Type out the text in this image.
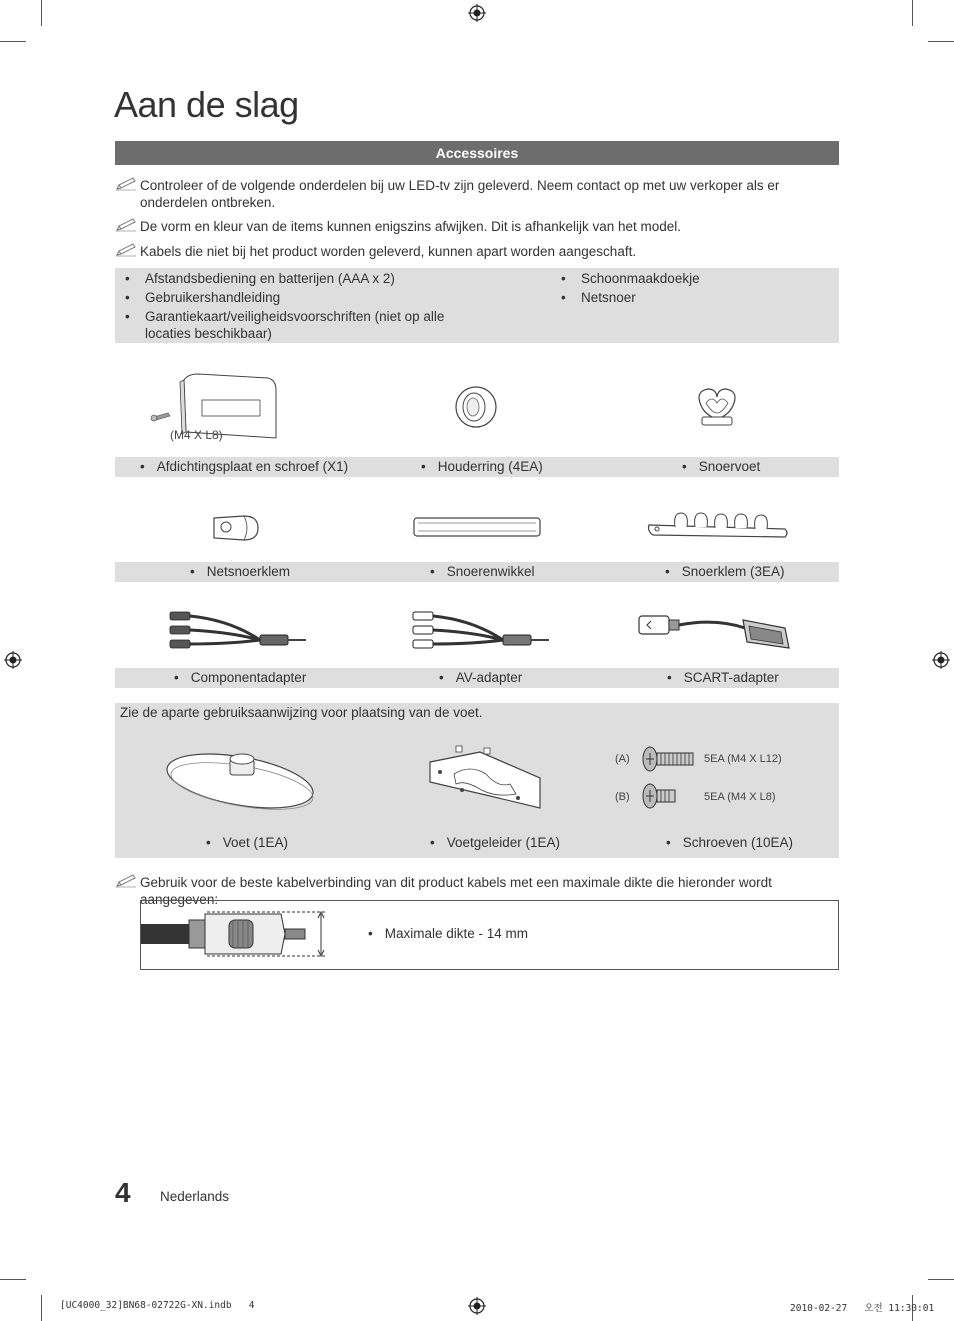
Aan de slag
Accessoires
Controleer of de volgende onderdelen bij uw LED-tv zijn geleverd. Neem contact op met uw verkoper als er onderdelen ontbreken.
De vorm en kleur van de items kunnen enigszins afwijken. Dit is afhankelijk van het model.
Kabels die niet bij het product worden geleverd, kunnen apart worden aangeschaft.
• Afstandsbediening en batterijen (AAA x 2)
• Gebruikershandleiding
• Garantiekaart/veiligheidsvoorschriften (niet op alle locaties beschikbaar)
• Schoonmaakdoekje
• Netsnoer
(M4 X L8)
• Afdichtingsplaat en schroef (X1)	• Houderring (4EA)	• Snoervoet
• Netsnoerklem	• Snoerenwikkel	• Snoerklem (3EA)
• Componentadapter	• AV-adapter	• SCART-adapter
Zie de aparte gebruiksaanwijzing voor plaatsing van de voet.
(A)	5EA (M4 X L12)
(B)	5EA (M4 X L8)
• Voet (1EA)	• Voetgeleider (1EA)	• Schroeven (10EA)
Gebruik voor de beste kabelverbinding van dit product kabels met een maximale dikte die hieronder wordt aangegeven:
• Maximale dikte - 14 mm
4 Nederlands
[UC4000_32]BN68-02722G-XN.indb   4	2010-02-27   오전 11:30:01
